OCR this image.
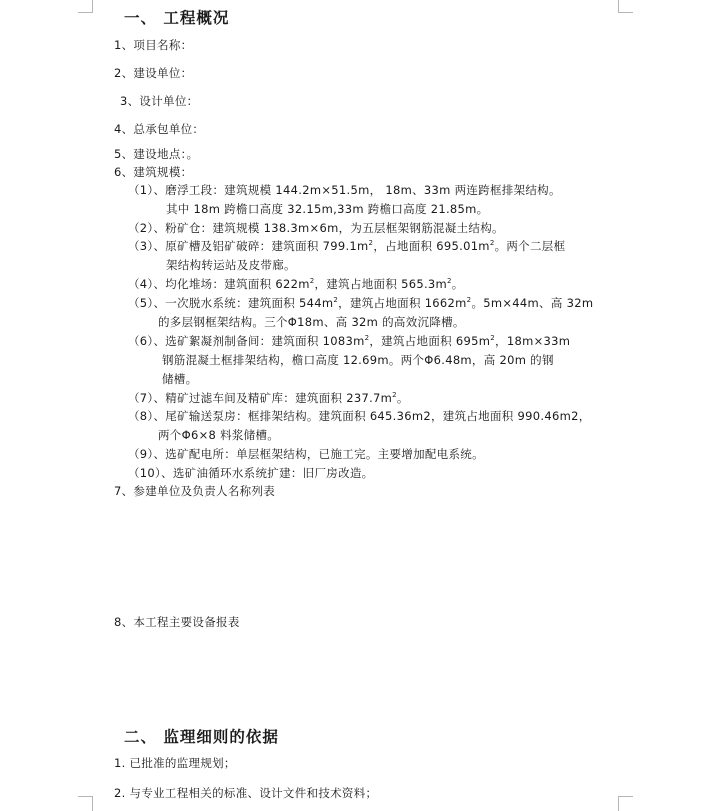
一、 工程概况
1、项目名称：
2、建设单位：
3、设计单位：
4、总承包单位：
5、建设地点：。
6、建筑规模：
（1）、磨浮工段：建筑规模 144.2m×51.5m， 18m、33m 两连跨框排架结构。
其中 18m 跨檐口高度 32.15m,33m 跨檐口高度 21.85m。
（2）、粉矿仓：建筑规模 138.3m×6m，为五层框架钢筋混凝土结构。
（3）、原矿槽及铝矿破碎：建筑面积 $799.1m^2$，占地面积 $695.01m^2$。两个二层框
架结构转运站及皮带廊。
（4）、均化堆场：建筑面积 $622m^2$，建筑占地面积 $565.3m^2$。
（5）、一次脱水系统：建筑面积 $544m^2$，建筑占地面积 $1662m^2$。5m×44m、高 32m
的多层钢框架结构。三个Φ18m、高 32m 的高效沉降槽。
（6）、选矿絮凝剂制备间：建筑面积 $1083m^2$，建筑占地面积 $695m^2$，18m×33m
钢筋混凝土框排架结构，檐口高度 12.69m。两个Φ6.48m，高 20m 的钢
储槽。
（7）、精矿过滤车间及精矿库：建筑面积 $237.7m^2$。
（8）、尾矿输送泵房：框排架结构。建筑面积 645.36m2，建筑占地面积 990.46m2，
两个Φ6×8 料浆储槽。
（9）、选矿配电所：单层框架结构，已施工完。主要增加配电系统。
（10）、选矿油循环水系统扩建：旧厂房改造。
7、参建单位及负责人名称列表
8、本工程主要设备报表
二、 监理细则的依据
1. 已批准的监理规划；
2. 与专业工程相关的标准、设计文件和技术资料；
